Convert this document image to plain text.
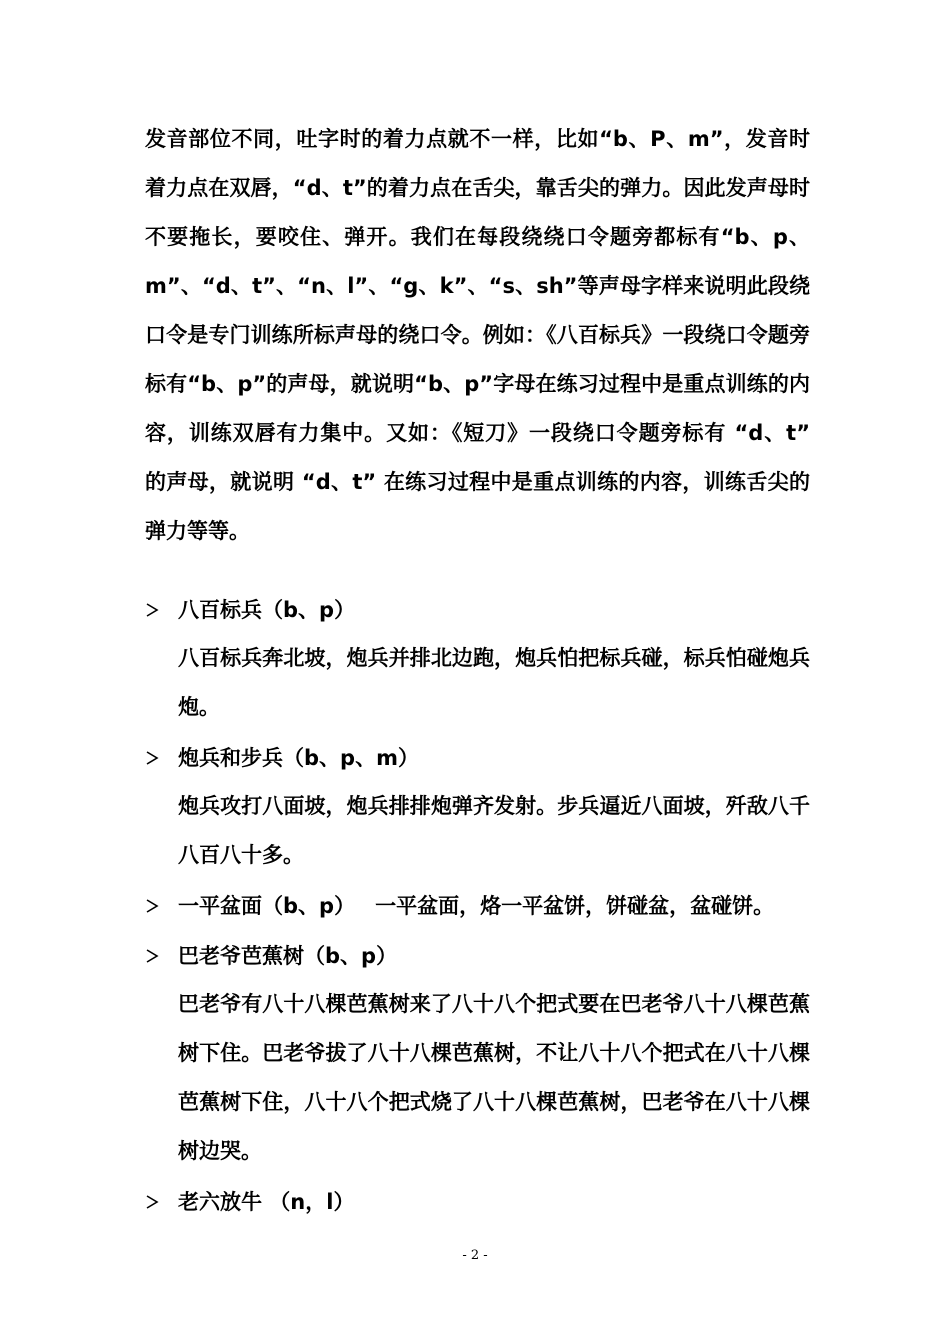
发音部位不同，吐字时的着力点就不一样，比如“b、P、m”，发音时着力点在双唇，“d、t”的着力点在舌尖，靠舌尖的弹力。因此发声母时不要拖长，要咬住、弹开。我们在每段绕绕口令题旁都标有“b、p、m”、“d、t”、“n、l”、“g、k”、“s、sh”等声母字样来说明此段绕口令是专门训练所标声母的绕口令。例如：《八百标兵》一段绕口令题旁标有“b、p”的声母，就说明“b、p”字母在练习过程中是重点训练的内容，训练双唇有力集中。又如：《短刀》一段绕口令题旁标有 “d、t” 的声母，就说明 “d、t” 在练习过程中是重点训练的内容，训练舌尖的弹力等等。

八百标兵（b、p）
八百标兵奔北坡，炮兵并排北边跑，炮兵怕把标兵碰，标兵怕碰炮兵炮。
炮兵和步兵（b、p、m）
炮兵攻打八面坡，炮兵排排炮弹齐发射。步兵逼近八面坡，歼敌八千八百八十多。
一平盆面（b、p） 一平盆面，烙一平盆饼，饼碰盆，盆碰饼。
巴老爷芭蕉树（b、p）
巴老爷有八十八棵芭蕉树来了八十八个把式要在巴老爷八十八棵芭蕉树下住。巴老爷拔了八十八棵芭蕉树，不让八十八个把式在八十八棵芭蕉树下住，八十八个把式烧了八十八棵芭蕉树，巴老爷在八十八棵树边哭。
老六放牛 （n，l）
- 2 -
